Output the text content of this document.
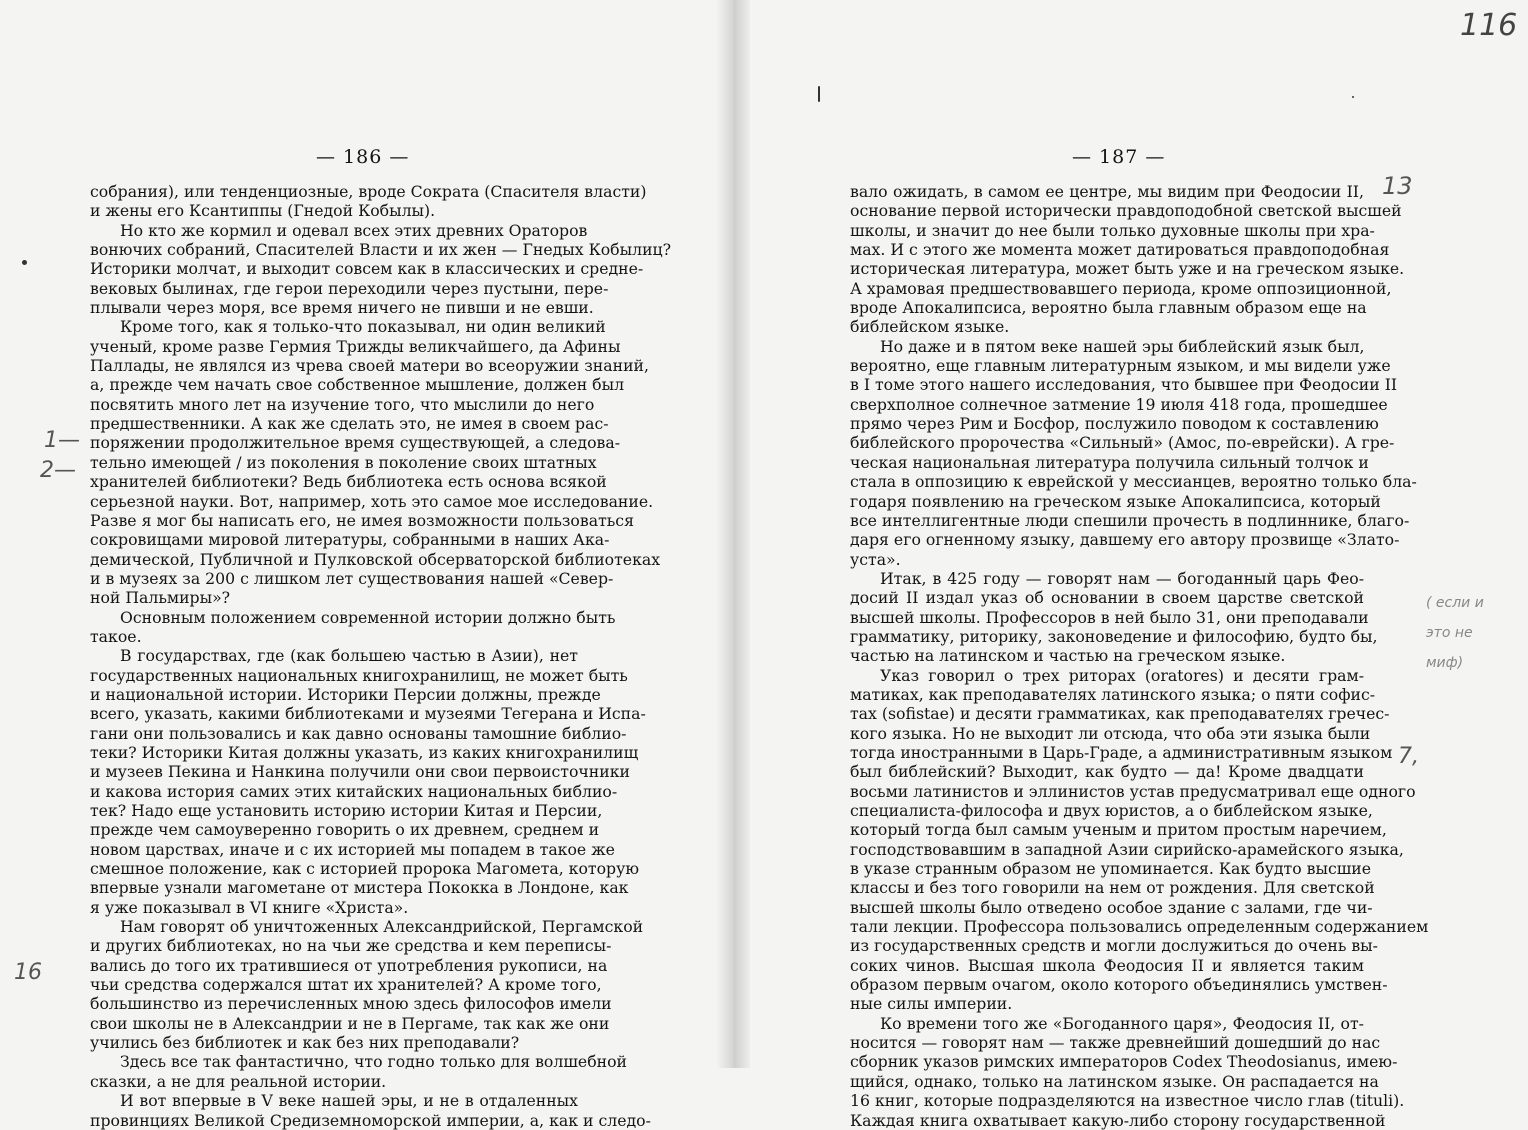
— 186 —
собрания), или тенденциозные, вроде Сократа (Спасителя власти)
и жены его Ксантиппы (Гнедой Кобылы).
Но кто же кормил и одевал всех этих древних Ораторов
вонючих собраний, Спасителей Власти и их жен — Гнедых Кобылиц?
Историки молчат, и выходит совсем как в классических и средне-
вековых былинах, где герои переходили через пустыни, пере-
плывали через моря, все время ничего не пивши и не евши.
Кроме того, как я только-что показывал, ни один великий
ученый, кроме разве Гермия Трижды великчайшего, да Афины
Паллады, не являлся из чрева своей матери во всеоружии знаний,
а, прежде чем начать свое собственное мышление, должен был
посвятить много лет на изучение того, что мыслили до него
предшественники. А как же сделать это, не имея в своем рас-
поряжении продолжительное время существующей, а следова-
тельно имеющей / из поколения в поколение своих штатных
хранителей библиотеки? Ведь библиотека есть основа всякой
серьезной науки. Вот, например, хоть это самое мое исследование.
Разве я мог бы написать его, не имея возможности пользоваться
сокровищами мировой литературы, собранными в наших Ака-
демической, Публичной и Пулковской обсерваторской библиотеках
и в музеях за 200 с лишком лет существования нашей «Север-
ной Пальмиры»?
Основным положением современной истории должно быть
такое.
В государствах, где (как большею частью в Азии), нет
государственных национальных книгохранилищ, не может быть
и национальной истории. Историки Персии должны, прежде
всего, указать, какими библиотеками и музеями Тегерана и Испа-
гани они пользовались и как давно основаны тамошние библио-
теки? Историки Китая должны указать, из каких книгохранилищ
и музеев Пекина и Нанкина получили они свои первоисточники
и какова история самих этих китайских национальных библио-
тек? Надо еще установить историю истории Китая и Персии,
прежде чем самоуверенно говорить о их древнем, среднем и
новом царствах, иначе и с их историей мы попадем в такое же
смешное положение, как с историей пророка Магомета, которую
впервые узнали магометане от мистера Пококка в Лондоне, как
я уже показывал в VI книге «Христа».
Нам говорят об уничтоженных Александрийской, Пергамской
и других библиотеках, но на чьи же средства и кем переписы-
вались до того их тратившиеся от употребления рукописи, на
чьи средства содержался штат их хранителей? А кроме того,
большинство из перечисленных мною здесь философов имели
свои школы не в Александрии и не в Пергаме, так как же они
учились без библиотек и как без них преподавали?
Здесь все так фантастично, что годно только для волшебной
сказки, а не для реальной истории.
И вот впервые в V веке нашей эры, и не в отдаленных
провинциях Великой Средиземноморской империи, а, как и следо-
— 187 —
вало ожидать, в самом ее центре, мы видим при Феодосии II,
основание первой исторически правдоподобной светской высшей
школы, и значит до нее были только духовные школы при хра-
мах. И с этого же момента может датироваться правдоподобная
историческая литература, может быть уже и на греческом языке.
А храмовая предшествовавшего периода, кроме оппозиционной,
вроде Апокалипсиса, вероятно была главным образом еще на
библейском языке.
Но даже и в пятом веке нашей эры библейский язык был,
вероятно, еще главным литературным языком, и мы видели уже
в I томе этого нашего исследования, что бывшее при Феодосии II
сверхполное солнечное затмение 19 июля 418 года, прошедшее
прямо через Рим и Босфор, послужило поводом к составлению
библейского пророчества «Сильный» (Амос, по-еврейски). А гре-
ческая национальная литература получила сильный толчок и
стала в оппозицию к еврейской у мессианцев, вероятно только бла-
годаря появлению на греческом языке Апокалипсиса, который
все интеллигентные люди спешили прочесть в подлиннике, благо-
даря его огненному языку, давшему его автору прозвище «Злато-
уста».
Итак, в 425 году — говорят нам — богоданный царь Фео-
досий II издал указ об основании в своем царстве светской
высшей школы. Профессоров в ней было 31, они преподавали
грамматику, риторику, законоведение и философию, будто бы,
частью на латинском и частью на греческом языке.
Указ говорил о трех риторах (oratores) и десяти грам-
матиках, как преподавателях латинского языка; о пяти софис-
тах (sofistae) и десяти грамматиках, как преподавателях гречес-
кого языка. Но не выходит ли отсюда, что оба эти языка были
тогда иностранными в Царь-Граде, а административным языком
был библейский? Выходит, как будто — да! Кроме двадцати
восьми латинистов и эллинистов устав предусматривал еще одного
специалиста-философа и двух юристов, а о библейском языке,
который тогда был самым ученым и притом простым наречием,
господствовавшим в западной Азии сирийско-арамейского языка,
в указе странным образом не упоминается. Как будто высшие
классы и без того говорили на нем от рождения. Для светской
высшей школы было отведено особое здание с залами, где чи-
тали лекции. Профессора пользовались определенным содержанием
из государственных средств и могли дослужиться до очень вы-
соких чинов. Высшая школа Феодосия II и является таким
образом первым очагом, около которого объединялись умствен-
ные силы империи.
Ко времени того же «Богоданного царя», Феодосия II, от-
носится — говорят нам — также древнейший дошедший до нас
сборник указов римских императоров Codex Theodosianus, имею-
щийся, однако, только на латинском языке. Он распадается на
16 книг, которые подразделяются на известное число глав (tituli).
Каждая книга охватывает какую-либо сторону государственной
116
13
7,
16
1—
2—
( если и
это не
миф)
